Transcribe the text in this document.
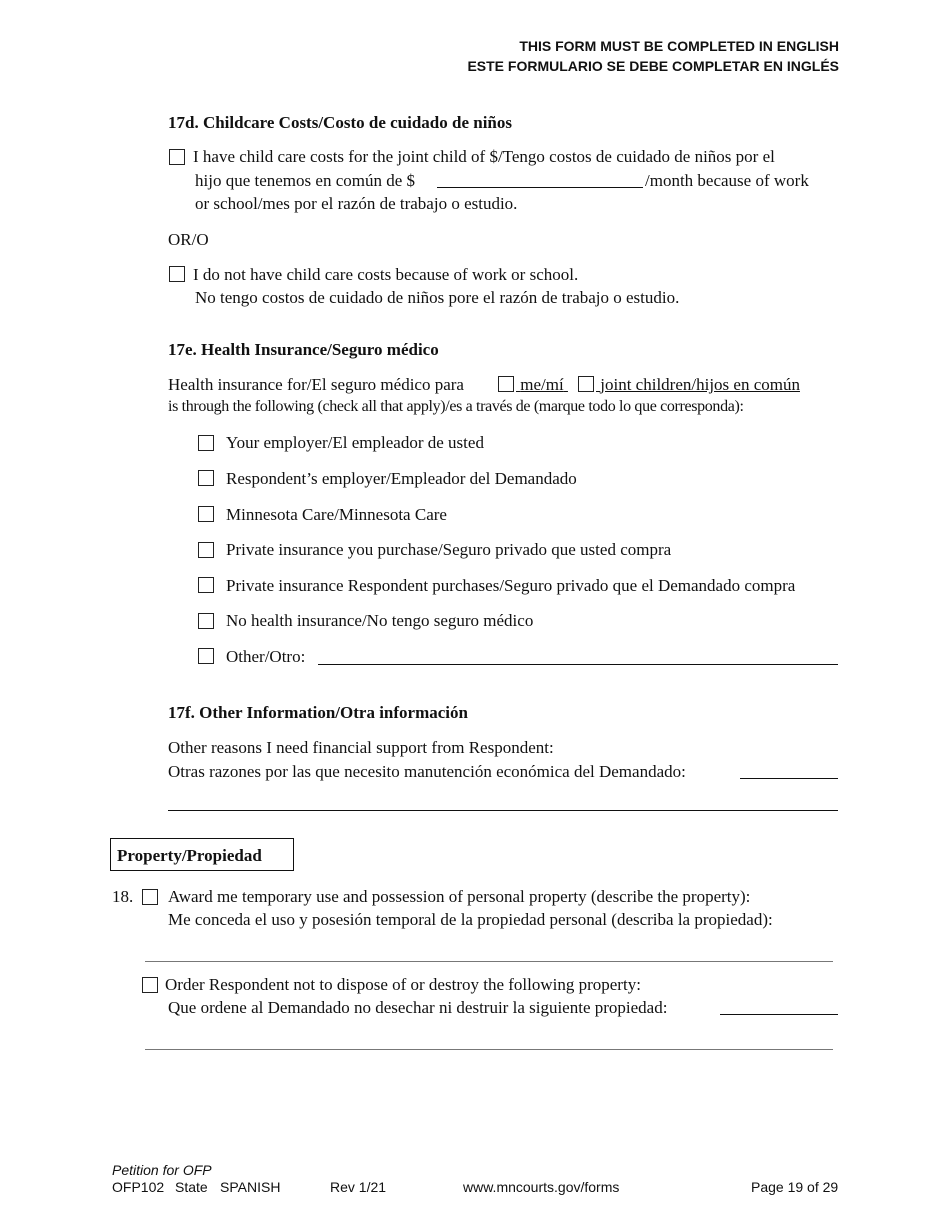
THIS FORM MUST BE COMPLETED IN ENGLISH
ESTE FORMULARIO SE DEBE COMPLETAR EN INGLÉS
17d. Childcare Costs/Costo de cuidado de niños
I have child care costs for the joint child of $/Tengo costos de cuidado de niños por el
hijo que tenemos en común de $	/month because of work
or school/mes por el razón de trabajo o estudio.
OR/O
I do not have child care costs because of work or school.
No tengo costos de cuidado de niños pore el razón de trabajo o estudio.
17e. Health Insurance/Seguro médico
Health insurance for/El seguro médico para	me/mí joint children/hijos en común
is through the following (check all that apply)/es a través de (marque todo lo que corresponda):
Your employer/El empleador de usted
Respondent’s employer/Empleador del Demandado
Minnesota Care/Minnesota Care
Private insurance you purchase/Seguro privado que usted compra
Private insurance Respondent purchases/Seguro privado que el Demandado compra
No health insurance/No tengo seguro médico
Other/Otro:
17f. Other Information/Otra información
Other reasons I need financial support from Respondent:
Otras razones por las que necesito manutención económica del Demandado:
Property/Propiedad
18. Award me temporary use and possession of personal property (describe the property):
Me conceda el uso y posesión temporal de la propiedad personal (describa la propiedad):
Order Respondent not to dispose of or destroy the following property:
Que ordene al Demandado no desechar ni destruir la siguiente propiedad:
Petition for OFP
OFP102 State SPANISH	Rev 1/21	www.mncourts.gov/forms	Page 19 of 29
